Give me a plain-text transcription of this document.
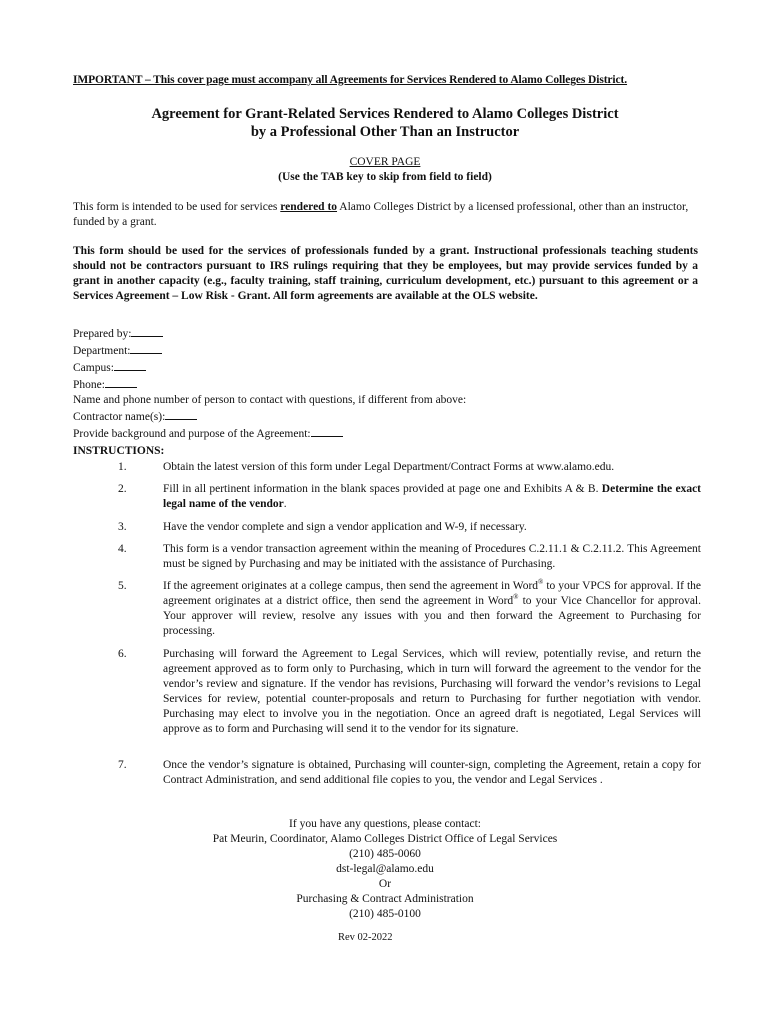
IMPORTANT – This cover page must accompany all Agreements for Services Rendered to Alamo Colleges District.
Agreement for Grant-Related Services Rendered to Alamo Colleges District
by a Professional Other Than an Instructor
COVER PAGE
(Use the TAB key to skip from field to field)
This form is intended to be used for services rendered to Alamo Colleges District by a licensed professional, other than an instructor, funded by a grant.
This form should be used for the services of professionals funded by a grant. Instructional professionals teaching students should not be contractors pursuant to IRS rulings requiring that they be employees, but may provide services funded by a grant in another capacity (e.g., faculty training, staff training, curriculum development, etc.) pursuant to this agreement or a Services Agreement – Low Risk - Grant. All form agreements are available at the OLS website.
Prepared by:
Department:
Campus:
Phone:
Name and phone number of person to contact with questions, if different from above:
Contractor name(s):
Provide background and purpose of the Agreement:
INSTRUCTIONS:
1.	Obtain the latest version of this form under Legal Department/Contract Forms at www.alamo.edu.
2.	Fill in all pertinent information in the blank spaces provided at page one and Exhibits A & B. Determine the exact legal name of the vendor.
3.	Have the vendor complete and sign a vendor application and W-9, if necessary.
4.	This form is a vendor transaction agreement within the meaning of Procedures C.2.11.1 & C.2.11.2. This Agreement must be signed by Purchasing and may be initiated with the assistance of Purchasing.
5.	If the agreement originates at a college campus, then send the agreement in Word® to your VPCS for approval. If the agreement originates at a district office, then send the agreement in Word® to your Vice Chancellor for approval. Your approver will review, resolve any issues with you and then forward the Agreement to Purchasing for processing.
6.	Purchasing will forward the Agreement to Legal Services, which will review, potentially revise, and return the agreement approved as to form only to Purchasing, which in turn will forward the agreement to the vendor for the vendor’s review and signature. If the vendor has revisions, Purchasing will forward the vendor’s revisions to Legal Services for review, potential counter-proposals and return to Purchasing for further negotiation with vendor. Purchasing may elect to involve you in the negotiation. Once an agreed draft is negotiated, Legal Services will approve as to form and Purchasing will send it to the vendor for its signature.
7.	Once the vendor’s signature is obtained, Purchasing will counter-sign, completing the Agreement, retain a copy for Contract Administration, and send additional file copies to you, the vendor and Legal Services .
If you have any questions, please contact:
Pat Meurin, Coordinator, Alamo Colleges District Office of Legal Services
(210) 485-0060
dst-legal@alamo.edu
Or
Purchasing & Contract Administration
(210) 485-0100
Rev 02-2022
